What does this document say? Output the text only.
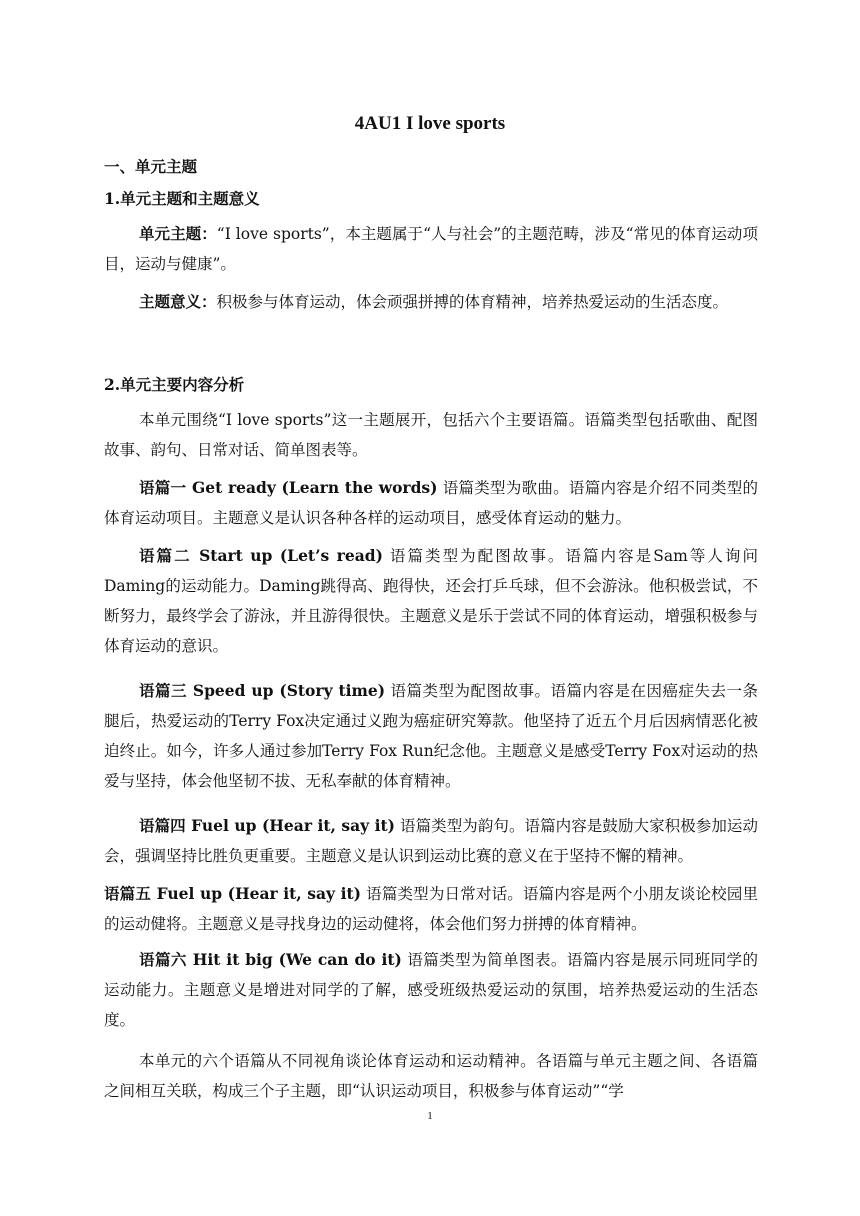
4AU1 I love sports
一、单元主题
1.单元主题和主题意义
单元主题：“I love sports”，本主题属于“人与社会”的主题范畴，涉及“常见的体育运动项目，运动与健康”。
主题意义：积极参与体育运动，体会顽强拼搏的体育精神，培养热爱运动的生活态度。
2.单元主要内容分析
本单元围绕“I love sports”这一主题展开，包括六个主要语篇。语篇类型包括歌曲、配图故事、韵句、日常对话、简单图表等。
语篇一 Get ready (Learn the words) 语篇类型为歌曲。语篇内容是介绍不同类型的体育运动项目。主题意义是认识各种各样的运动项目，感受体育运动的魅力。
语篇二 Start up (Let’s read) 语篇类型为配图故事。语篇内容是Sam等人询问Daming的运动能力。Daming跳得高、跑得快，还会打乒乓球，但不会游泳。他积极尝试，不断努力，最终学会了游泳，并且游得很快。主题意义是乐于尝试不同的体育运动，增强积极参与体育运动的意识。
语篇三 Speed up (Story time) 语篇类型为配图故事。语篇内容是在因癌症失去一条腿后，热爱运动的Terry Fox决定通过义跑为癌症研究筹款。他坚持了近五个月后因病情恶化被迫终止。如今，许多人通过参加Terry Fox Run纪念他。主题意义是感受Terry Fox对运动的热爱与坚持，体会他坚韧不拔、无私奉献的体育精神。
语篇四 Fuel up (Hear it, say it) 语篇类型为韵句。语篇内容是鼓励大家积极参加运动会，强调坚持比胜负更重要。主题意义是认识到运动比赛的意义在于坚持不懈的精神。
语篇五 Fuel up (Hear it, say it) 语篇类型为日常对话。语篇内容是两个小朋友谈论校园里的运动健将。主题意义是寻找身边的运动健将，体会他们努力拼搏的体育精神。
语篇六 Hit it big (We can do it) 语篇类型为简单图表。语篇内容是展示同班同学的运动能力。主题意义是增进对同学的了解，感受班级热爱运动的氛围，培养热爱运动的生活态度。
本单元的六个语篇从不同视角谈论体育运动和运动精神。各语篇与单元主题之间、各语篇之间相互关联，构成三个子主题，即“认识运动项目，积极参与体育运动”“学
1
